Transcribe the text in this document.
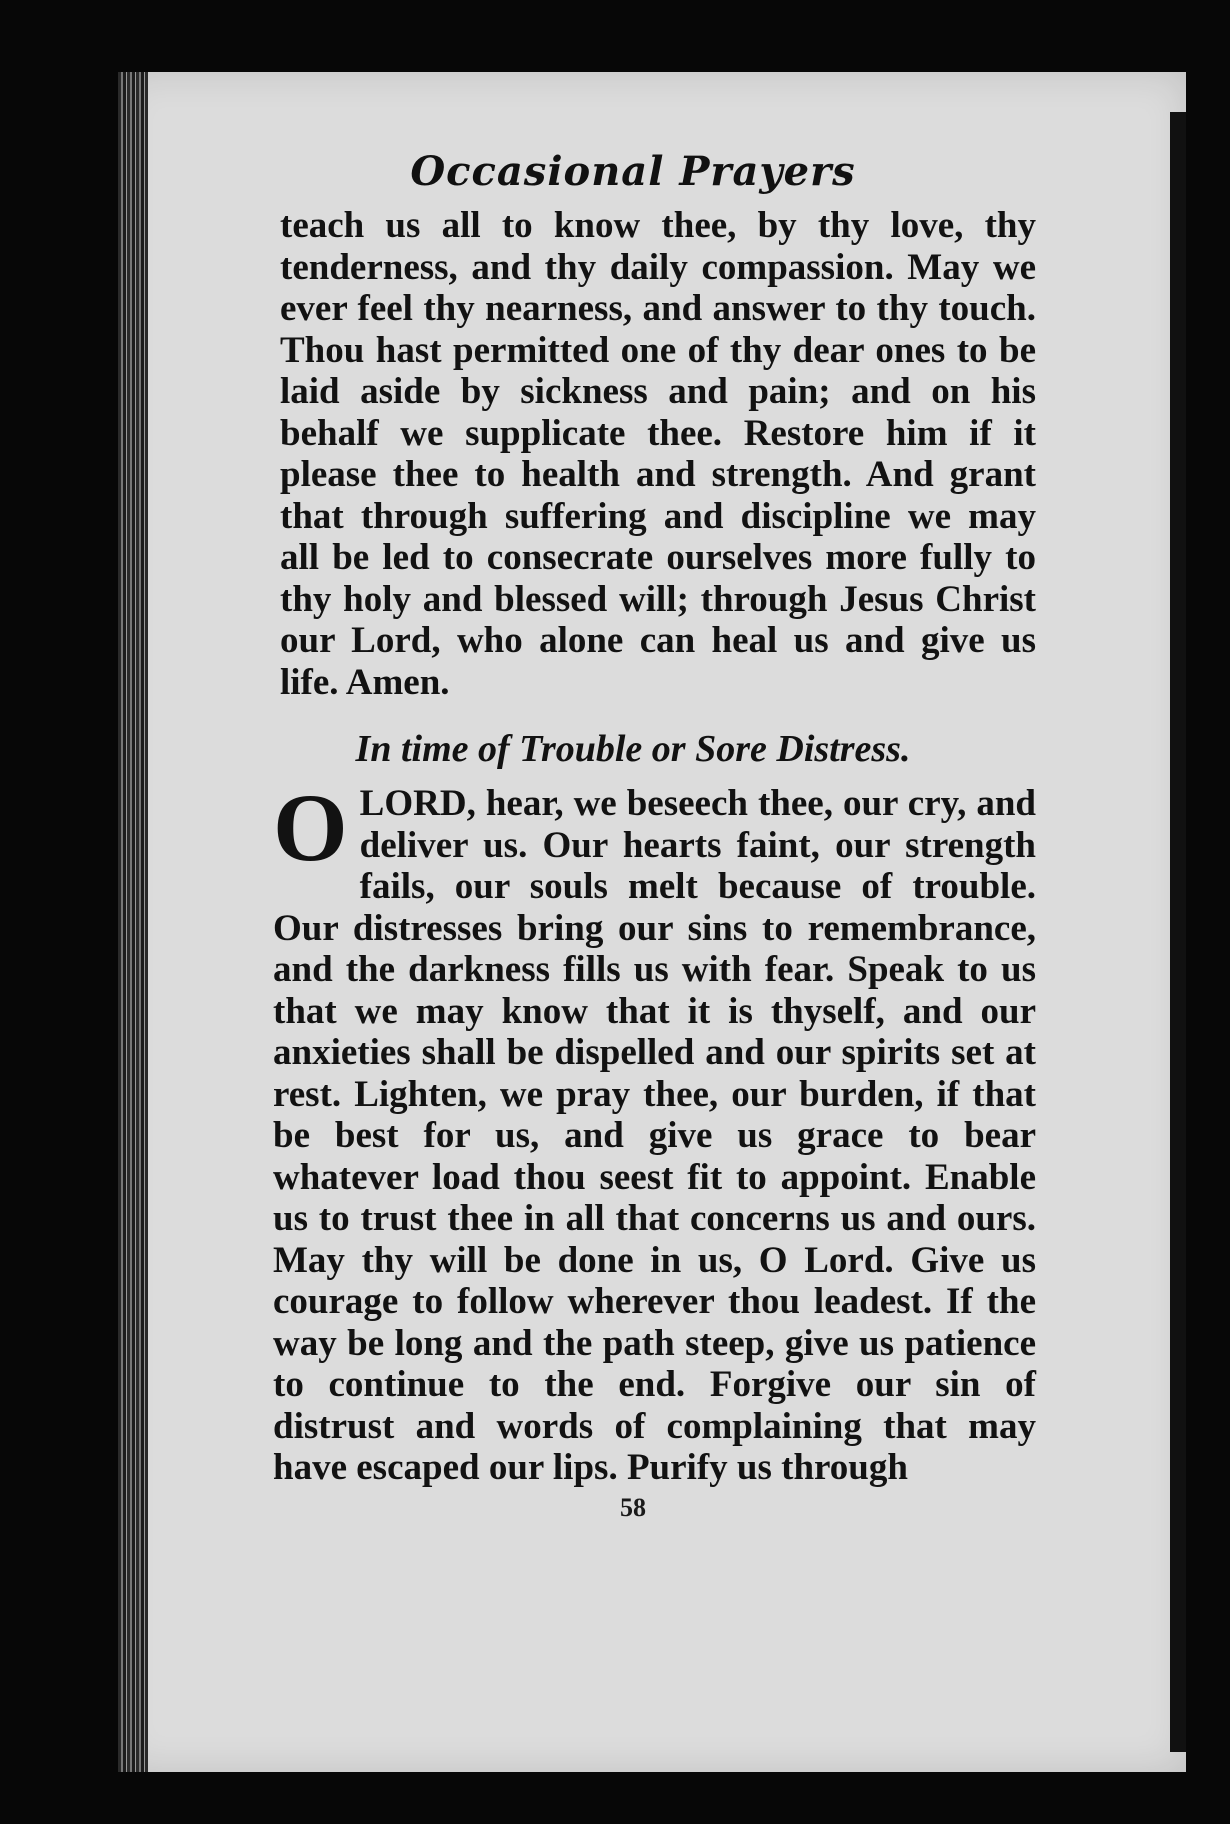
Occasional Prayers

teach us all to know thee, by thy love, thy tenderness, and thy daily compassion. May we ever feel thy nearness, and answer to thy touch. Thou hast permitted one of thy dear ones to be laid aside by sickness and pain; and on his behalf we supplicate thee. Restore him if it please thee to health and strength. And grant that through suffering and discipline we may all be led to consecrate ourselves more fully to thy holy and blessed will; through Jesus Christ our Lord, who alone can heal us and give us life. Amen.

In time of Trouble or Sore Distress.

O LORD, hear, we beseech thee, our cry, and deliver us. Our hearts faint, our strength fails, our souls melt because of trouble. Our distresses bring our sins to remembrance, and the darkness fills us with fear. Speak to us that we may know that it is thyself, and our anxieties shall be dispelled and our spirits set at rest. Lighten, we pray thee, our burden, if that be best for us, and give us grace to bear whatever load thou seest fit to appoint. Enable us to trust thee in all that concerns us and ours. May thy will be done in us, O Lord. Give us courage to follow wherever thou leadest. If the way be long and the path steep, give us patience to continue to the end. Forgive our sin of distrust and words of complaining that may have escaped our lips. Purify us through

58
